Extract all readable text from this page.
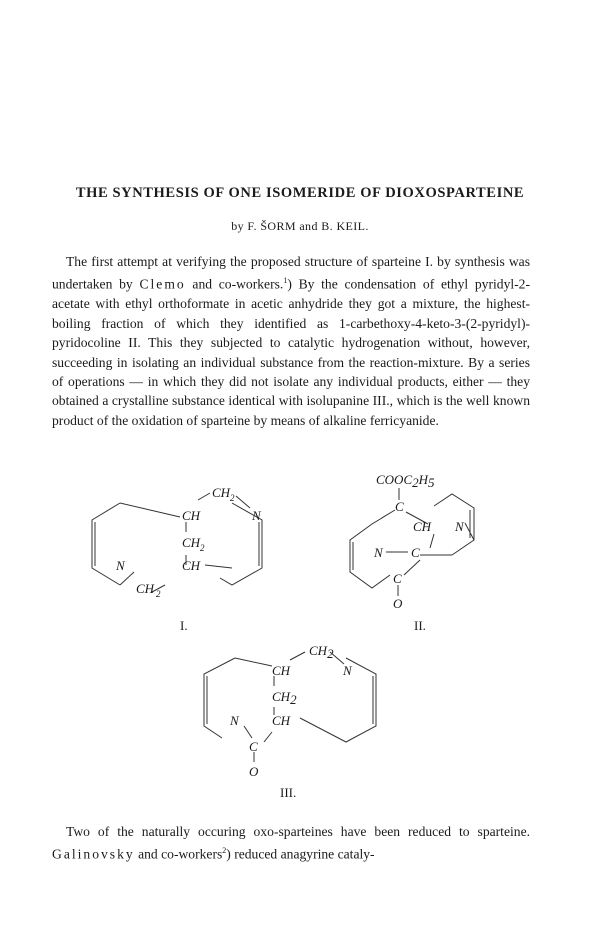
THE SYNTHESIS OF ONE ISOMERIDE OF DIOXOSPARTEINE
by F. ŠORM and B. KEIL.

The first attempt at verifying the proposed structure of sparteine I. by synthesis was undertaken by Clemo and co-workers.$^1$) By the condensation of ethyl pyridyl-2-acetate with ethyl orthoformate in acetic anhydride they got a mixture, the highest-boiling fraction of which they identified as 1-carbethoxy-4-keto-3-(2-pyridyl)-pyridocoline II. This they subjected to catalytic hydrogenation without, however, succeeding in isolating an individual substance from the reaction-mixture. By a series of operations — in which they did not isolate any individual products, either — they obtained a crystalline substance identical with isolupanine III., which is the well known product of the oxidation of sparteine by means of alkaline ferricyanide.

CH 2
CH	N
CH 2
N	CH
CH 2
I.
COOC2H5
C
CH N
N C
C
O
II.
CH2
CH	N
CH2
N	CH
C
O
III.

Two of the naturally occuring oxo-sparteines have been reduced to sparteine. Galinovsky and co-workers$^2$) reduced anagyrine cataly-
